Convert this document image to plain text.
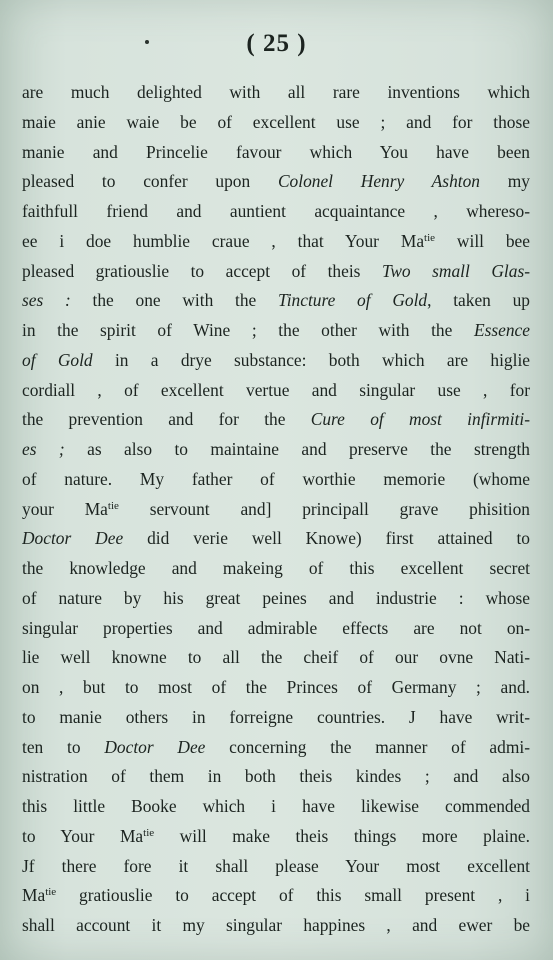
( 25 )
are much delighted with all rare inventions which
maie anie waie be of excellent use ; and for those
manie and Princelie favour which You have been
pleased to confer upon Colonel Henry Ashton my
faithfull friend and auntient acquaintance , whereso-
ee i doe humblie craue , that Your $Ma^{tie}$ will bee
pleased gratiouslie to accept of theis Two small Glas-
ses : the one with the Tincture of Gold, taken up
in the spirit of Wine ; the other with the Essence
of Gold in a drye substance: both which are higlie
cordiall , of excellent vertue and singular use , for
the prevention and for the Cure of most infirmiti-
es ; as also to maintaine and preserve the strength
of nature. My father of worthie memorie (whome
your $Ma^{tie}$ servount and] principall grave phisition
Doctor Dee did verie well Knowe) first attained to
the knowledge and makeing of this excellent secret
of nature by his great peines and industrie : whose
singular properties and admirable effects are not on-
lie well knowne to all the cheif of our ovne Nati-
on , but to most of the Princes of Germany ; and.
to manie others in forreigne countries. J have writ-
ten to Doctor Dee concerning the manner of admi-
nistration of them in both theis kindes ; and also
this little Booke which i have likewise commended
to Your $Ma^{tie}$ will make theis things more plaine.
Jf there fore it shall please Your most excellent
$Ma^{tie}$ gratiouslie to accept of this small present , i
shall account it my singular happines , and ewer be
